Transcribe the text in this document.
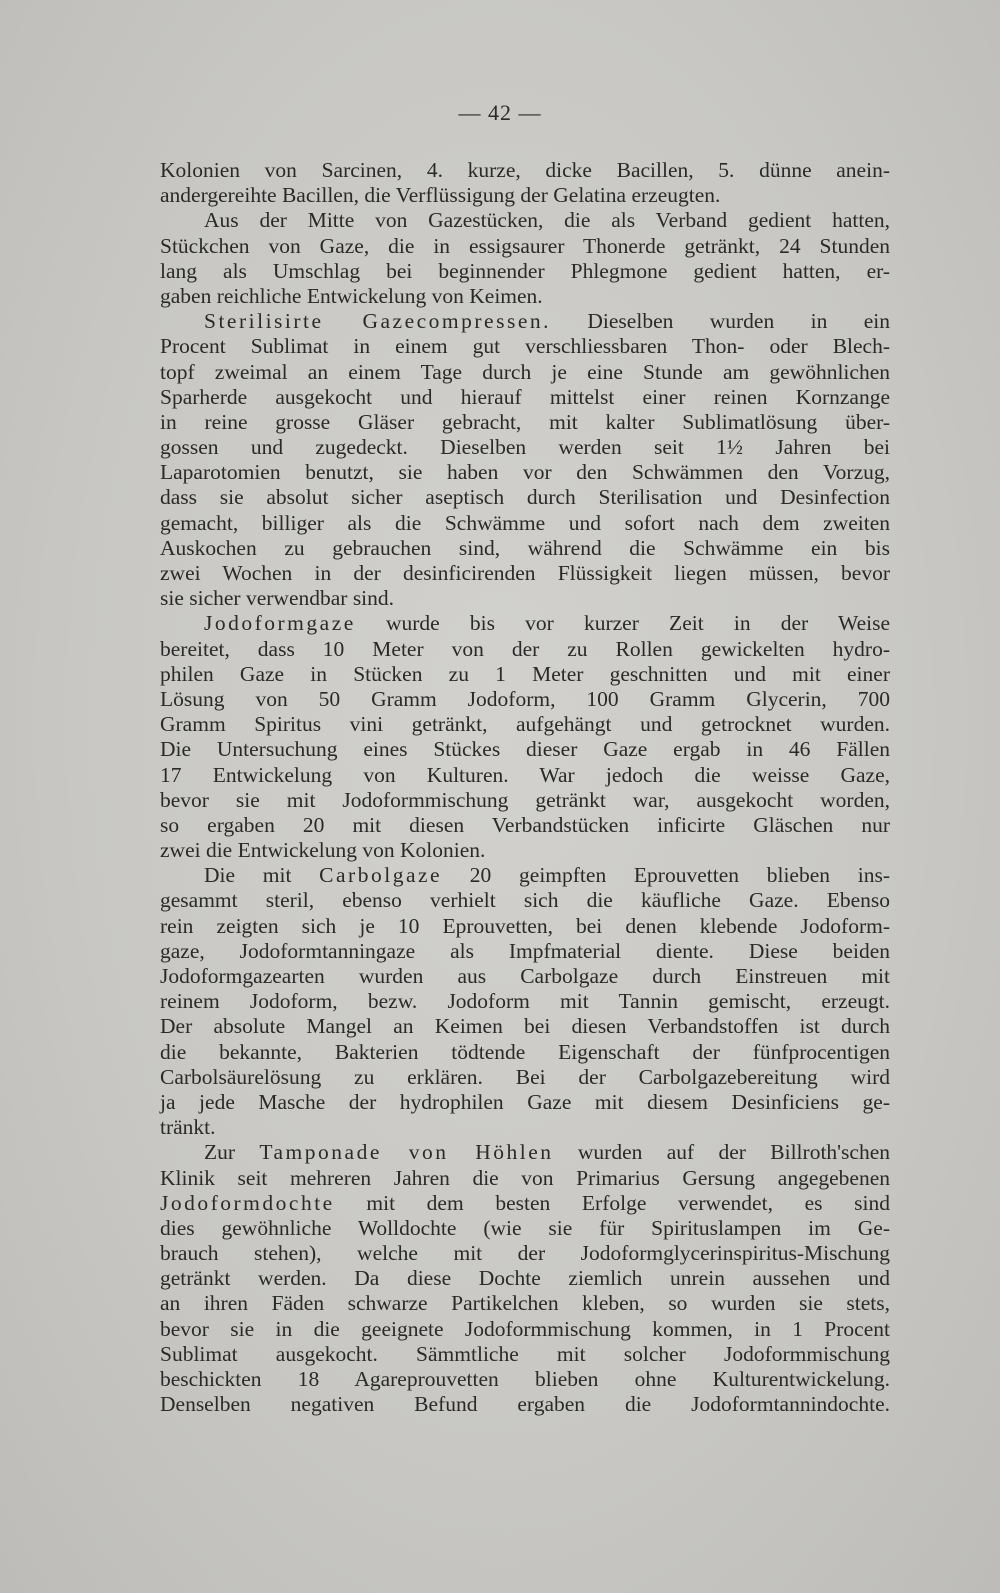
— 42 —
Kolonien von Sarcinen, 4. kurze, dicke Bacillen, 5. dünne anein-
andergereihte Bacillen, die Verflüssigung der Gelatina erzeugten.
Aus der Mitte von Gazestücken, die als Verband gedient hatten,
Stückchen von Gaze, die in essigsaurer Thonerde getränkt, 24 Stunden
lang als Umschlag bei beginnender Phlegmone gedient hatten, er-
gaben reichliche Entwickelung von Keimen.
Sterilisirte Gazecompressen. Dieselben wurden in ein
Procent Sublimat in einem gut verschliessbaren Thon- oder Blech-
topf zweimal an einem Tage durch je eine Stunde am gewöhnlichen
Sparherde ausgekocht und hierauf mittelst einer reinen Kornzange
in reine grosse Gläser gebracht, mit kalter Sublimatlösung über-
gossen und zugedeckt. Dieselben werden seit 1½ Jahren bei
Laparotomien benutzt, sie haben vor den Schwämmen den Vorzug,
dass sie absolut sicher aseptisch durch Sterilisation und Desinfection
gemacht, billiger als die Schwämme und sofort nach dem zweiten
Auskochen zu gebrauchen sind, während die Schwämme ein bis
zwei Wochen in der desinficirenden Flüssigkeit liegen müssen, bevor
sie sicher verwendbar sind.
Jodoformgaze wurde bis vor kurzer Zeit in der Weise
bereitet, dass 10 Meter von der zu Rollen gewickelten hydro-
philen Gaze in Stücken zu 1 Meter geschnitten und mit einer
Lösung von 50 Gramm Jodoform, 100 Gramm Glycerin, 700
Gramm Spiritus vini getränkt, aufgehängt und getrocknet wurden.
Die Untersuchung eines Stückes dieser Gaze ergab in 46 Fällen
17 Entwickelung von Kulturen. War jedoch die weisse Gaze,
bevor sie mit Jodoformmischung getränkt war, ausgekocht worden,
so ergaben 20 mit diesen Verbandstücken inficirte Gläschen nur
zwei die Entwickelung von Kolonien.
Die mit Carbolgaze 20 geimpften Eprouvetten blieben ins-
gesammt steril, ebenso verhielt sich die käufliche Gaze. Ebenso
rein zeigten sich je 10 Eprouvetten, bei denen klebende Jodoform-
gaze, Jodoformtanningaze als Impfmaterial diente. Diese beiden
Jodoformgazearten wurden aus Carbolgaze durch Einstreuen mit
reinem Jodoform, bezw. Jodoform mit Tannin gemischt, erzeugt.
Der absolute Mangel an Keimen bei diesen Verbandstoffen ist durch
die bekannte, Bakterien tödtende Eigenschaft der fünfprocentigen
Carbolsäurelösung zu erklären. Bei der Carbolgazebereitung wird
ja jede Masche der hydrophilen Gaze mit diesem Desinficiens ge-
tränkt.
Zur Tamponade von Höhlen wurden auf der Billroth'schen
Klinik seit mehreren Jahren die von Primarius Gersung angegebenen
Jodoformdochte mit dem besten Erfolge verwendet, es sind
dies gewöhnliche Wolldochte (wie sie für Spirituslampen im Ge-
brauch stehen), welche mit der Jodoformglycerinspiritus-Mischung
getränkt werden. Da diese Dochte ziemlich unrein aussehen und
an ihren Fäden schwarze Partikelchen kleben, so wurden sie stets,
bevor sie in die geeignete Jodoformmischung kommen, in 1 Procent
Sublimat ausgekocht. Sämmtliche mit solcher Jodoformmischung
beschickten 18 Agareprouvetten blieben ohne Kulturentwickelung.
Denselben negativen Befund ergaben die Jodoformtannindochte.
